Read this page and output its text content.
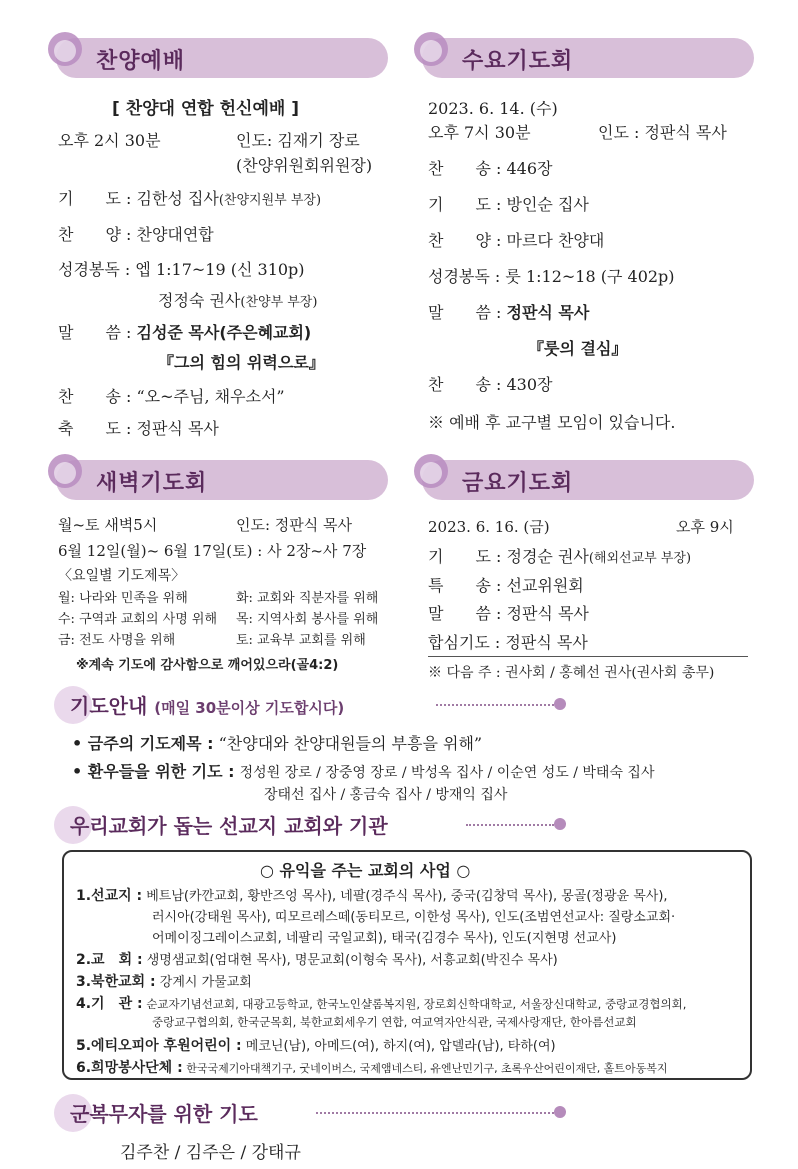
찬양예배
[ 찬양대 연합 헌신예배 ]
오후 2시 30분	인도: 김재기 장로
(찬양위원회위원장)
기　　도 : 김한성 집사(찬양지원부 부장)
찬　　양 : 찬양대연합
성경봉독 : 엡 1:17~19 (신 310p)
정정숙 권사(찬양부 부장)
말　　씀 : 김성준 목사(주은혜교회)
『그의 힘의 위력으로』
찬　　송 : “오~주님, 채우소서”
축　　도 : 정판식 목사
수요기도회
2023. 6. 14. (수)
오후 7시 30분	인도 : 정판식 목사
찬　　송 : 446장
기　　도 : 방인순 집사
찬　　양 : 마르다 찬양대
성경봉독 : 룻 1:12~18 (구 402p)
말　　씀 : 정판식 목사
『룻의 결심』
찬　　송 : 430장
※ 예배 후 교구별 모임이 있습니다.
새벽기도회
월~토 새벽5시	인도: 정판식 목사
6월 12일(월)~ 6월 17일(토) : 사 2장~사 7장
〈요일별 기도제목〉
월: 나라와 민족을 위해	화: 교회와 직분자를 위해
수: 구역과 교회의 사명 위해 목: 지역사회 봉사를 위해
금: 전도 사명을 위해	토: 교육부 교회를 위해
※계속 기도에 감사함으로 깨어있으라(골4:2)
금요기도회
2023. 6. 16. (금)	오후 9시
기　　도 : 정경순 권사(해외선교부 부장)
특　　송 : 선교위원회
말　　씀 : 정판식 목사
합심기도 : 정판식 목사
※ 다음 주 : 권사회 / 홍혜선 권사(권사회 총무)
기도안내 (매일 30분이상 기도합시다)
• 금주의 기도제목 : “찬양대와 찬양대원들의 부흥을 위해”
• 환우들을 위한 기도 : 정성원 장로 / 장중영 장로 / 박성옥 집사 / 이순연 성도 / 박태숙 집사
장태선 집사 / 홍금숙 집사 / 방재익 집사
우리교회가 돕는 선교지 교회와 기관
○ 유익을 주는 교회의 사업 ○
1.선교지 : 베트남(카깐교회, 황반즈엉 목사), 네팔(경주식 목사), 중국(김창덕 목사), 몽골(정광윤 목사),
러시아(강태원 목사), 띠모르레스떼(동티모르, 이한성 목사), 인도(조범연선교사: 질랑소교회·
어메이징그레이스교회, 네팔리 국일교회), 태국(김경수 목사), 인도(지현명 선교사)
2.교　회 : 생명샘교회(엄대현 목사), 명문교회(이형숙 목사), 서흥교회(박진수 목사)
3.북한교회 : 강계시 가물교회
4.기　관 : 순교자기념선교회, 대광고등학교, 한국노인샬롬복지원, 장로회신학대학교, 서울장신대학교, 중랑교경협의회,
중랑교구협의회, 한국군목회, 북한교회세우기 연합, 여교역자안식관, 국제사랑재단, 한아름선교회
5.에티오피아 후원어린이 : 메코닌(남), 아메드(여), 하지(여), 압델라(남), 타하(여)
6.희망봉사단체 : 한국국제기아대책기구, 굿네이버스, 국제앰네스티, 유엔난민기구, 초록우산어린이재단, 홀트아동복지
군복무자를 위한 기도
김주찬 / 김주은 / 강태규
